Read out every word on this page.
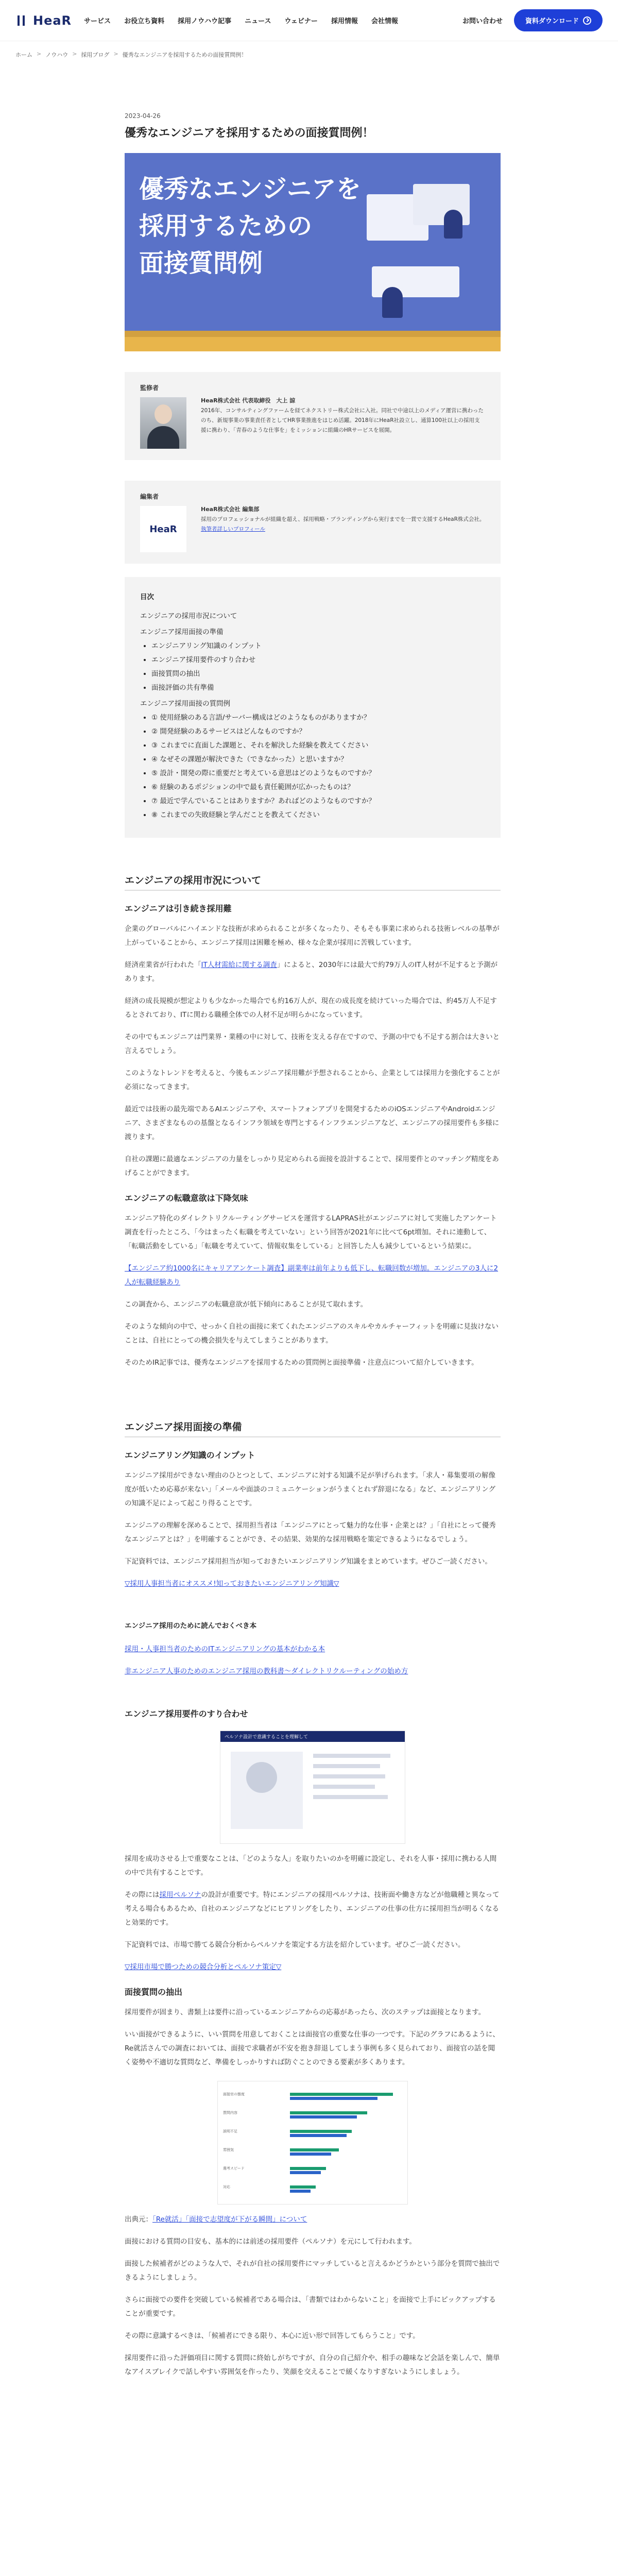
HeaR サービス お役立ち資料 採用ノウハウ記事 ニュース ウェビナー 採用情報 会社情報	お問い合わせ	資料ダウンロード
ホーム > ノウハウ > 採用ブログ > 優秀なエンジニアを採用するための面接質問例！
2023-04-26
優秀なエンジニアを採用するための面接質問例！
優秀なエンジニアを
採用するための
面接質問例
監修者
HeaR株式会社 代表取締役　大上 諒
2016年、コンサルティングファームを経てネクストリー株式会社に入社。同社で中途以上のメディア運営に携わったのち、新規事業の事業責任者としてHR事業推進をはじめ活躍。2018年にHeaR社設立し、通算100社以上の採用支援に携わり、「青春のような仕事を」をミッションに組織のHRサービスを展開。
編集者
HeaR
HeaR株式会社 編集部
採用のプロフェッショナルが組織を超え、採用戦略・ブランディングから実行までを一貫で支援するHeaR株式会社。
執筆者詳しいプロフィール
目次
エンジニアの採用市況について
エンジニア採用面接の準備
• エンジニアリング知識のインプット
• エンジニア採用要件のすり合わせ
• 面接質問の抽出
• 面接評価の共有準備
エンジニア採用面接の質問例
• ① 使用経験のある言語/サーバー構成はどのようなものがありますか？
• ② 開発経験のあるサービスはどんなものですか？
• ③ これまでに直面した課題と、それを解決した経験を教えてください
• ④ なぜその課題が解決できた（できなかった）と思いますか？
• ⑤ 設計・開発の際に重要だと考えている意思はどのようなものですか？
• ⑥ 経験のあるポジションの中で最も責任範囲が広かったものは？
• ⑦ 最近で学んでいることはありますか？あればどのようなものですか？
• ⑧ これまでの失敗経験と学んだことを教えてください
エンジニアの採用市況について
エンジニアは引き続き採用難

企業のグローバルにハイエンドな技術が求められることが多くなったり、そもそも事業に求められる技術レベルの基準が上がっていることから、エンジニア採用は困難を極め、様々な企業が採用に苦戦しています。

経済産業省が行われた「IT人材需給に関する調査」によると、2030年には最大で約79万人のIT人材が不足すると予測があります。

経済の成長規模が想定よりも少なかった場合でも約16万人が、現在の成長度を続けていった場合では、約45万人不足するとされており、ITに関わる職種全体での人材不足が明らかになっています。

その中でもエンジニアは門業界・業種の中に対して、技術を支える存在ですので、予測の中でも不足する割合は大きいと言えるでしょう。

このようなトレンドを考えると、今後もエンジニア採用難が予想されることから、企業としては採用力を強化することが必須になってきます。

最近では技術の最先端であるAIエンジニアや、スマートフォンアプリを開発するためのiOSエンジニアやAndroidエンジニア、さまざまなものの基盤となるインフラ領域を専門とするインフラエンジニアなど、エンジニアの採用要件も多様に渡ります。

自社の課題に最適なエンジニアの力量をしっかり見定められる面接を設計することで、採用要件とのマッチング精度をあげることができます。

エンジニアの転職意欲は下降気味

エンジニア特化のダイレクトリクルーティングサービスを運営するLAPRAS社がエンジニアに対して実施したアンケート調査を行ったところ、「今はまったく転職を考えていない」という回答が2021年に比べて6pt増加。それに連動して、「転職活動をしている」「転職を考えていて、情報収集をしている」と回答した人も減少しているという結果に。

【エンジニア約1000名にキャリアアンケート調査】副業率は前年よりも低下し、転職回数が増加。エンジニアの3人に2人が転職経験あり

この調査から、エンジニアの転職意欲が低下傾向にあることが見て取れます。

そのような傾向の中で、せっかく自社の面接に来てくれたエンジニアのスキルやカルチャーフィットを明確に見抜けないことは、自社にとっての機会損失を与えてしまうことがあります。

そのためIR記事では、優秀なエンジニアを採用するための質問例と面接準備・注意点について紹介していきます。

エンジニア採用面接の準備
エンジニアリング知識のインプット

エンジニア採用ができない理由のひとつとして、エンジニアに対する知識不足が挙げられます。「求人・募集要項の解像度が低いため応募が来ない」「メールや面談のコミュニケーションがうまくとれず辞退になる」など、エンジニアリングの知識不足によって起こり得ることです。

エンジニアの理解を深めることで、採用担当者は「エンジニアにとって魅力的な仕事・企業とは？」「自社にとって優秀なエンジニアとは？」を明確することができ、その結果、効果的な採用戦略を策定できるようになるでしょう。

下記資料では、エンジニア採用担当が知っておきたいエンジニアリング知識をまとめています。ぜひご一読ください。

▽採用人事担当者にオススメ!知っておきたいエンジニアリング知識▽
エンジニア採用のために読んでおくべき本
採用・人事担当者のためのITエンジニアリングの基本がわかる本
非エンジニア人事のためのエンジニア採用の教科書〜ダイレクトリクルーティングの始め方
エンジニア採用要件のすり合わせ
ペルソナ設計で意識することを理解して

採用を成功させる上で重要なことは、「どのような人」を取りたいのかを明確に設定し、それを人事・採用に携わる人間の中で共有することです。

その際には採用ペルソナの設計が重要です。特にエンジニアの採用ペルソナは、技術面や働き方などが他職種と異なって考える場合もあるため、自社のエンジニアなどにヒアリングをしたり、エンジニアの仕事の仕方に採用担当が明るくなると効果的です。

下記資料では、市場で勝てる競合分析からペルソナを策定する方法を紹介しています。ぜひご一読ください。

▽採用市場で勝つための競合分析とペルソナ策定▽
面接質問の抽出

採用要件が固まり、書類上は要件に沿っているエンジニアからの応募があったら、次のステップは面接となります。

いい面接ができるように、いい質問を用意しておくことは面接官の重要な仕事の一つです。下記のグラフにあるように、Re就活さんでの調査においては、面接で求職者が不安を抱き辞退してしまう事例も多く見られており、面接官の話を聞く姿勢や不適切な質問など、準備をしっかりすれば防ぐことのできる要素が多くあります。

面接官の態度
質問内容
説明不足
雰囲気
選考スピード
対応

出典元：「Re就活」「面接で志望度が下がる瞬間」について

面接における質問の目安も、基本的には前述の採用要件（ペルソナ）を元にして行われます。

面接した候補者がどのような人で、それが自社の採用要件にマッチしていると言えるかどうかという部分を質問で抽出できるようにしましょう。

さらに面接での要件を突破している候補者である場合は、「書類ではわからないこと」を面接で上手にピックアップすることが重要です。

その際に意識するべきは、「候補者にできる限り、本心に近い形で回答してもらうこと」です。

採用要件に沿った評価項目に関する質問に終始しがちですが、自分の自己紹介や、相手の趣味など会話を楽しんで、簡単なアイスブレイクで話しやすい雰囲気を作ったり、笑顔を交えることで緩くなりすぎないようにしましょう。
